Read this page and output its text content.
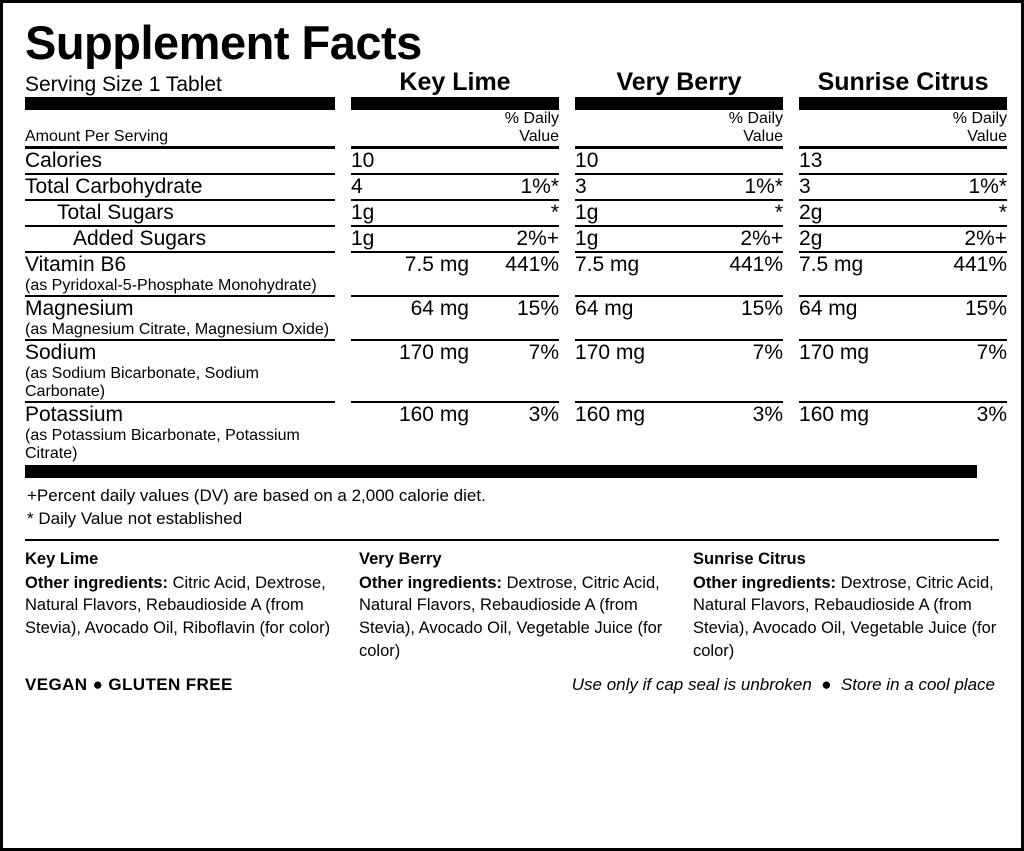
Supplement Facts
Serving Size 1 Tablet		Key Lime			Very Berry			Sunrise Citrus	

Amount Per Serving			% Daily Value			% Daily Value			% Daily Value
Calories		10			10			13	
Total Carbohydrate		4	1%*		3	1%*		3	1%*
Total Sugars		1g	*		1g	*		2g	*
Added Sugars		1g	2%+		1g	2%+		2g	2%+
Vitamin B6		7.5 mg	441%		7.5 mg	441%		7.5 mg	441%
(as Pyridoxal-5-Phosphate Monohydrate)									
Magnesium		64 mg	15%		64 mg	15%		64 mg	15%
(as Magnesium Citrate, Magnesium Oxide)									
Sodium		170 mg	7%		170 mg	7%		170 mg	7%
(as Sodium Bicarbonate, Sodium Carbonate)									
Potassium		160 mg	3%		160 mg	3%		160 mg	3%
(as Potassium Bicarbonate, Potassium Citrate)									
+Percent daily values (DV) are based on a 2,000 calorie diet.
* Daily Value not established
Key Lime
Other ingredients: Citric Acid, Dextrose, Natural Flavors, Rebaudioside A (from Stevia), Avocado Oil, Riboflavin (for color)
Very Berry
Other ingredients: Dextrose, Citric Acid, Natural Flavors, Rebaudioside A (from Stevia), Avocado Oil, Vegetable Juice (for color)
Sunrise Citrus
Other ingredients: Dextrose, Citric Acid, Natural Flavors, Rebaudioside A (from Stevia), Avocado Oil, Vegetable Juice (for color)
VEGAN ● GLUTEN FREE	Use only if cap seal is unbroken  ●  Store in a cool place
